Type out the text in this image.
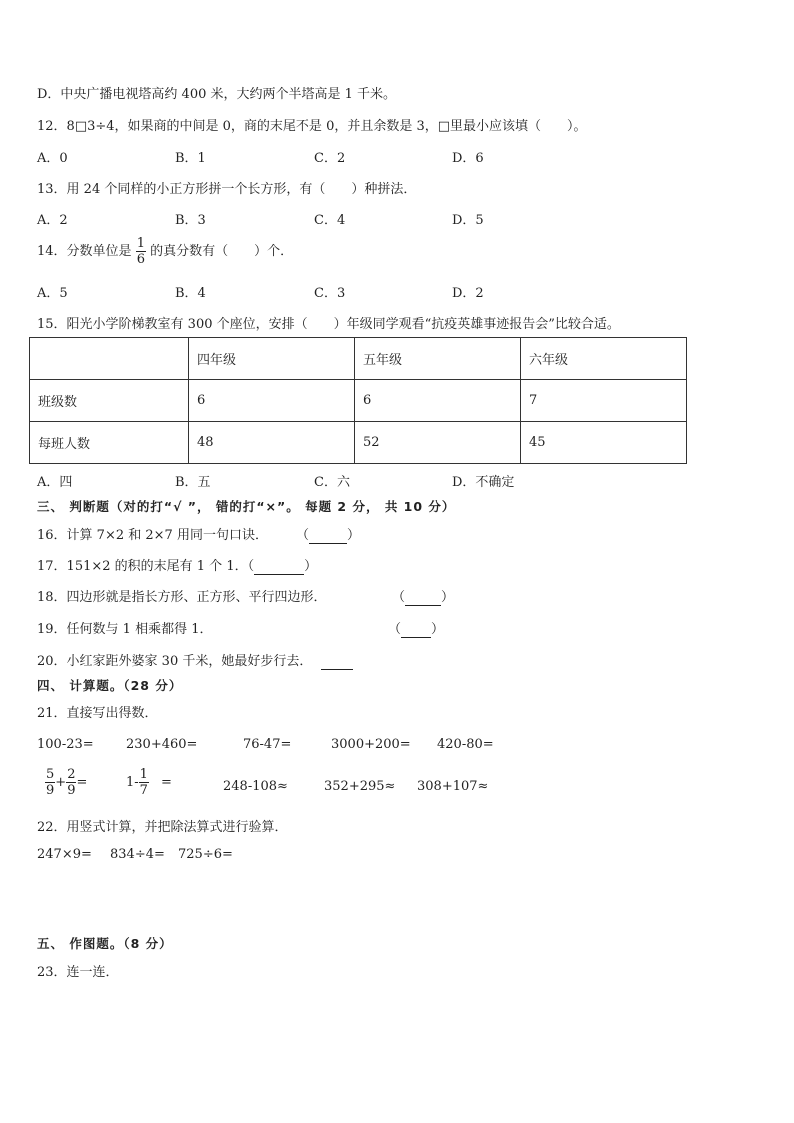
D．中央广播电视塔高约 400 米，大约两个半塔高是 1 千米。
12．8□3÷4，如果商的中间是 0，商的末尾不是 0，并且余数是 3，□里最小应该填（　　）。
A．0	B．1	C．2	D．6
13．用 24 个同样的小正方形拼一个长方形，有（　　）种拼法．
A．2	B．3	C．4	D．5
14．分数单位是 $\frac{1}{6}$ 的真分数有（　　）个．
A．5	B．4	C．3	D．2
15．阳光小学阶梯教室有 300 个座位，安排（　　）年级同学观看“抗疫英雄事迹报告会”比较合适。
	四年级	五年级	六年级
班级数	6	6	7
每班人数	48	52	45
A．四	B．五	C．六	D．不确定
三、 判断题（对的打“√ ”， 错的打“×”。 每题 2 分， 共 10 分）
16．计算 7×2 和 2×7 用同一句口诀． （	）
17．151×2 的积的末尾有 1 个 1．（	）
18．四边形就是指长方形、正方形、平行四边形．	（	）
19．任何数与 1 相乘都得 1．	（ ）
20．小红家距外婆家 30 千米，她最好步行去．
四、 计算题。（28 分）
21．直接写出得数．
100-23= 230+460=	76-47=	3000+200= 420-80=
$\frac{5}{9} + \frac{2}{9}$ =	$1- \frac{1}{7}$ =	248-108≈	352+295≈ 308+107≈
22．用竖式计算，并把除法算式进行验算．
247×9= 834÷4= 725÷6=
五、 作图题。（8 分）
23．连一连．
